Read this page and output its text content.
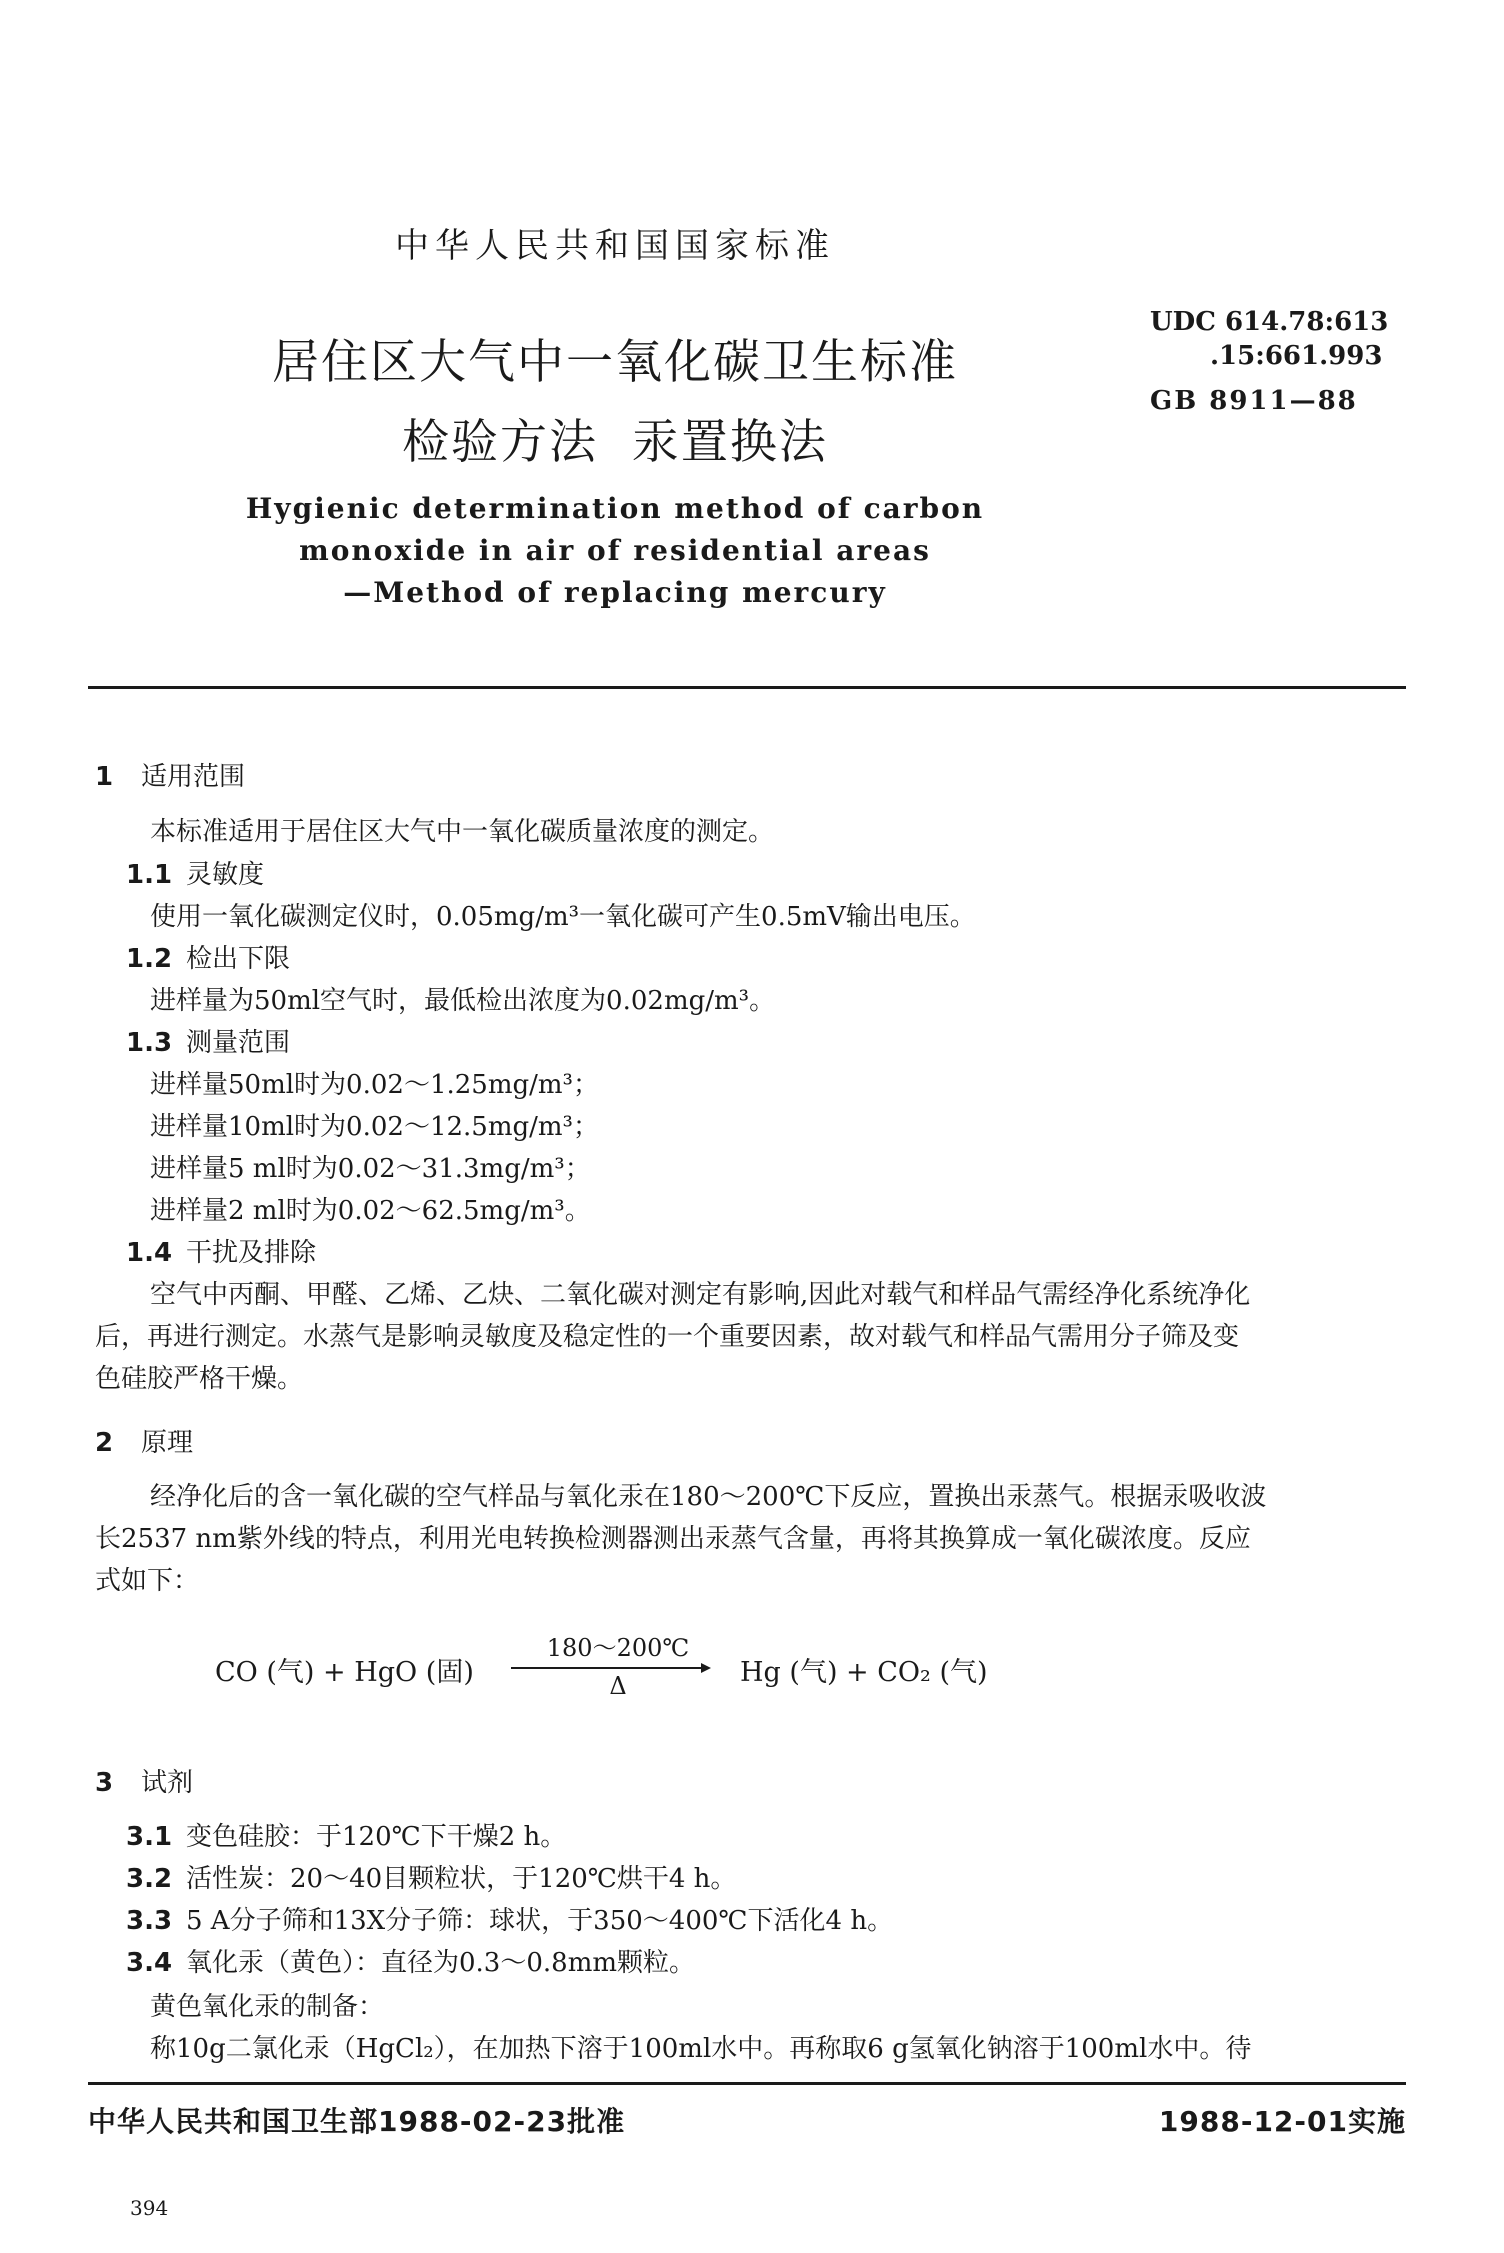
中华人民共和国国家标准
居住区大气中一氧化碳卫生标准
检验方法  汞置换法
Hygienic determination method of carbon
monoxide in air of residential areas
—Method of replacing mercury
UDC 614.78:613
.15:661.993
GB 8911—88
1 适用范围
本标准适用于居住区大气中一氧化碳质量浓度的测定。
1.1 灵敏度
使用一氧化碳测定仪时，0.05mg/m³一氧化碳可产生0.5mV输出电压。
1.2 检出下限
进样量为50ml空气时，最低检出浓度为0.02mg/m³。
1.3 测量范围
进样量50ml时为0.02～1.25mg/m³；
进样量10ml时为0.02～12.5mg/m³；
进样量5 ml时为0.02～31.3mg/m³；
进样量2 ml时为0.02～62.5mg/m³。
1.4 干扰及排除
空气中丙酮、甲醛、乙烯、乙炔、二氧化碳对测定有影响,因此对载气和样品气需经净化系统净化
后，再进行测定。水蒸气是影响灵敏度及稳定性的一个重要因素，故对载气和样品气需用分子筛及变
色硅胶严格干燥。
2 原理
经净化后的含一氧化碳的空气样品与氧化汞在180～200℃下反应，置换出汞蒸气。根据汞吸收波
长2537 nm紫外线的特点，利用光电转换检测器测出汞蒸气含量，再将其换算成一氧化碳浓度。反应
式如下：
CO (气) + HgO (固)
180～200℃
Δ	Hg (气) + CO₂ (气)
3 试剂
3.1 变色硅胶：于120℃下干燥2 h。
3.2 活性炭：20～40目颗粒状，于120℃烘干4 h。
3.3 5 A分子筛和13X分子筛：球状，于350～400℃下活化4 h。
3.4 氧化汞（黄色）：直径为0.3～0.8mm颗粒。
黄色氧化汞的制备：
称10g二氯化汞（HgCl₂），在加热下溶于100ml水中。再称取6 g氢氧化钠溶于100ml水中。待
中华人民共和国卫生部1988-02-23批准	1988-12-01实施
394
